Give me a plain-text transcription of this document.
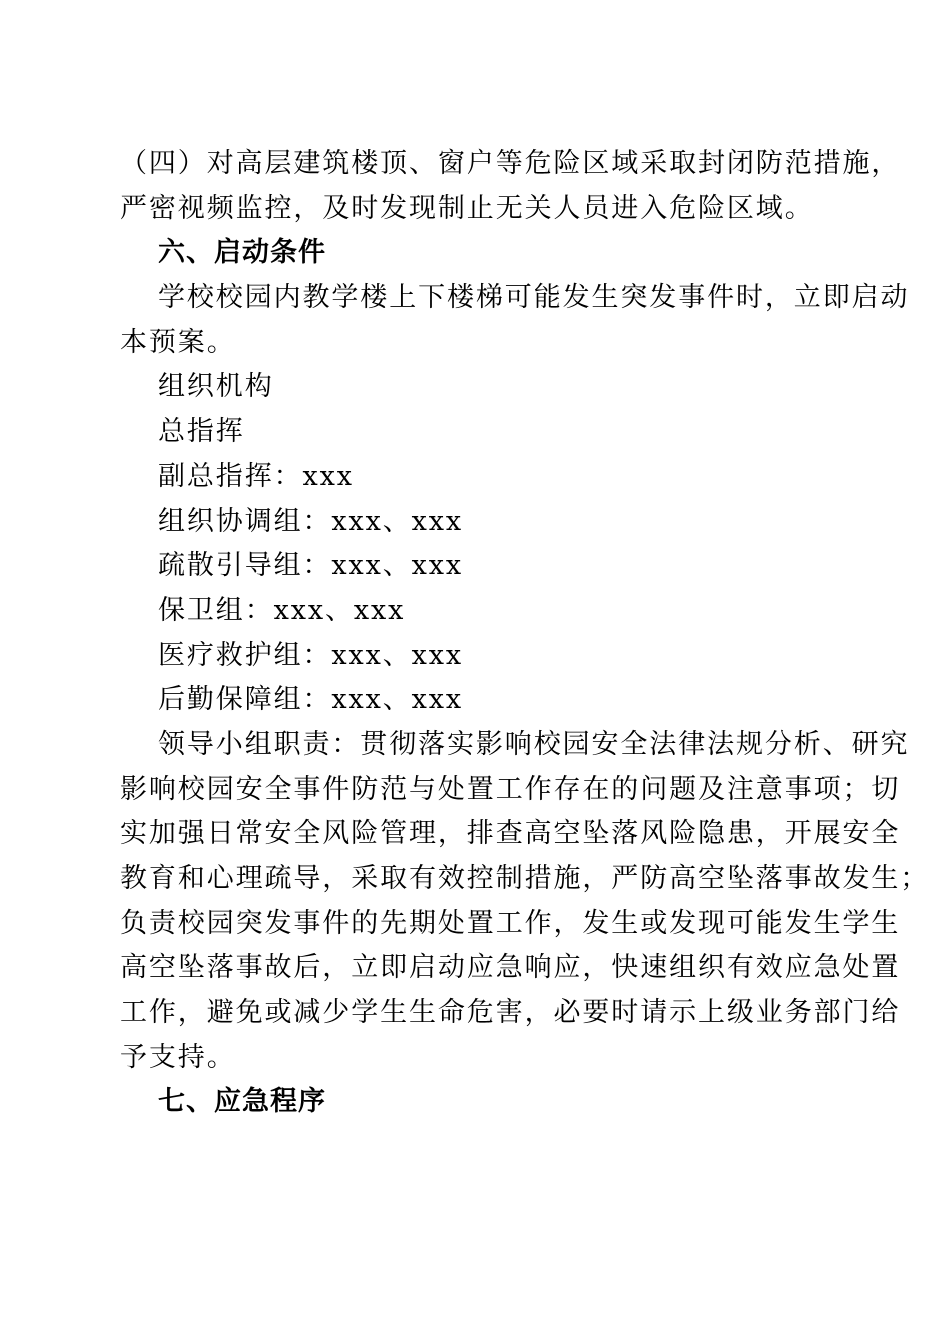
（四）对高层建筑楼顶、窗户等危险区域采取封闭防范措施，
严密视频监控，及时发现制止无关人员进入危险区域。
六、启动条件
学校校园内教学楼上下楼梯可能发生突发事件时，立即启动
本预案。
组织机构
总指挥
副总指挥：xxx
组织协调组：xxx、xxx
疏散引导组：xxx、xxx
保卫组：xxx、xxx
医疗救护组：xxx、xxx
后勤保障组：xxx、xxx
领导小组职责：贯彻落实影响校园安全法律法规分析、研究
影响校园安全事件防范与处置工作存在的问题及注意事项；切
实加强日常安全风险管理，排查高空坠落风险隐患，开展安全
教育和心理疏导，采取有效控制措施，严防高空坠落事故发生；
负责校园突发事件的先期处置工作，发生或发现可能发生学生
高空坠落事故后，立即启动应急响应，快速组织有效应急处置
工作，避免或减少学生生命危害，必要时请示上级业务部门给
予支持。
七、应急程序
